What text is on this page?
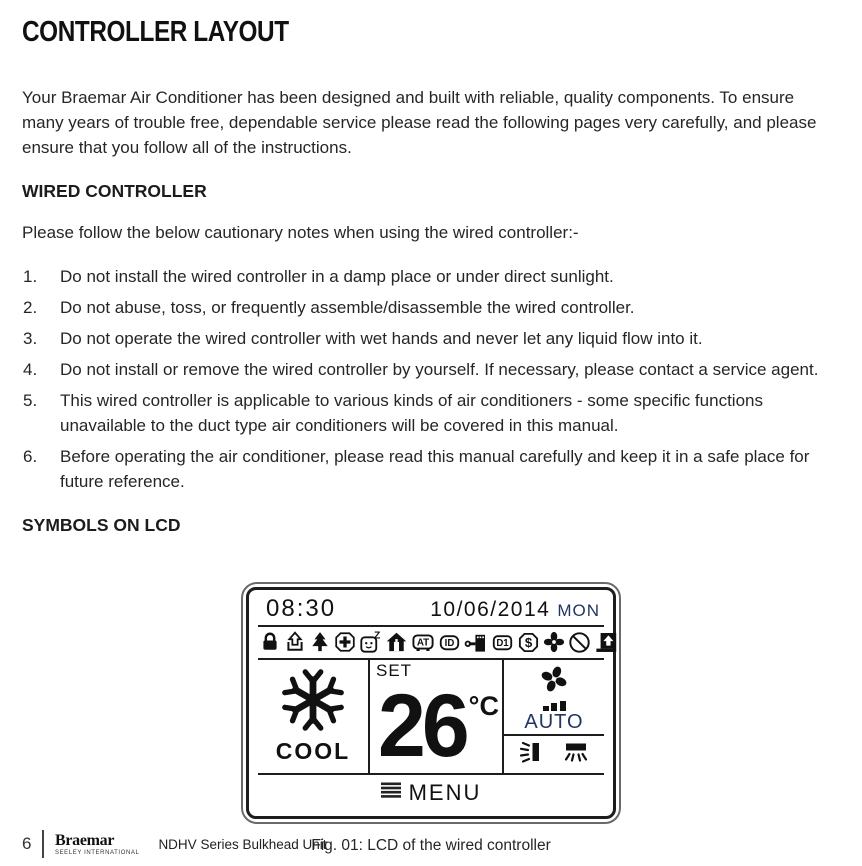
CONTROLLER LAYOUT

Your Braemar Air Conditioner has been designed and built with reliable, quality components. To ensure many years of trouble free, dependable service please read the following pages very carefully, and please ensure that you follow all of the instructions.

WIRED CONTROLLER

Please follow the below cautionary notes when using the wired controller:-

Do not install the wired controller in a damp place or under direct sunlight.
Do not abuse, toss, or frequently assemble/disassemble the wired controller.
Do not operate the wired controller with wet hands and never let any liquid flow into it.
Do not install or remove the wired controller by yourself. If necessary, please contact a service agent.
This wired controller is applicable to various kinds of air conditioners - some specific functions unavailable to the duct type air conditioners will be covered in this manual.
Before operating the air conditioner, please read this manual carefully and keep it in a safe place for future reference.
SYMBOLS ON LCD
08:30	10/06/2014 MON
Z
AT ID	D1 $
COOL
SET
26 °C
AUTO
MENU
Fig. 01: LCD of the wired controller
6 Braemar
SEELEY INTERNATIONAL
NDHV Series Bulkhead Unit
